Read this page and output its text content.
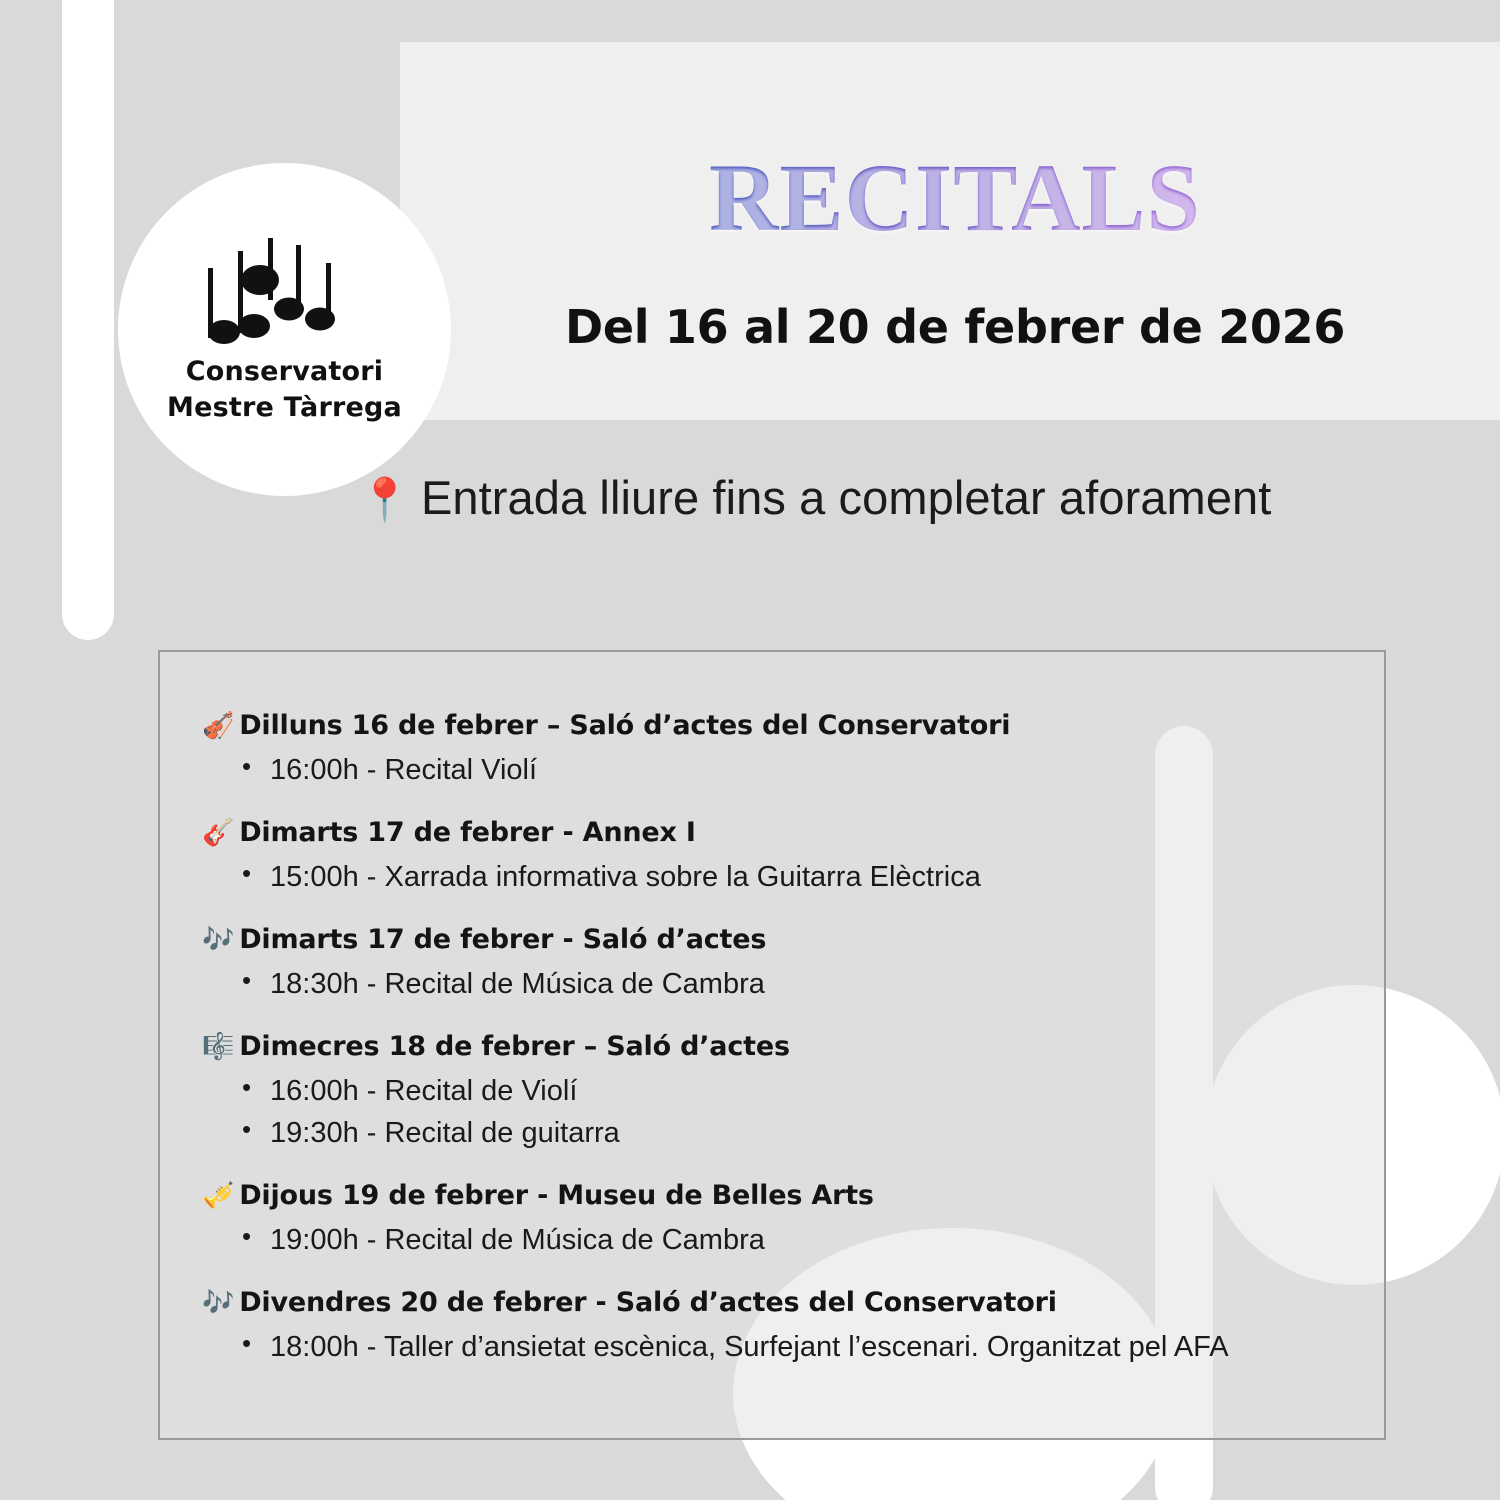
Conservatori
Mestre Tàrrega
RECITALS
Del 16 al 20 de febrer de 2026
📍 Entrada lliure fins a completar aforament
🎻 Dilluns 16 de febrer – Saló d’actes del Conservatori
• 16:00h - Recital Violí
🎸 Dimarts 17 de febrer - Annex I
• 15:00h - Xarrada informativa sobre la Guitarra Elèctrica
🎶 Dimarts 17 de febrer - Saló d’actes
• 18:30h - Recital de Música de Cambra
🎼 Dimecres 18 de febrer – Saló d’actes
• 16:00h - Recital de Violí
• 19:30h - Recital de guitarra
🎺 Dijous 19 de febrer - Museu de Belles Arts
• 19:00h - Recital de Música de Cambra
🎶 Divendres 20 de febrer - Saló d’actes del Conservatori
• 18:00h - Taller d’ansietat escènica, Surfejant l’escenari. Organitzat pel AFA
